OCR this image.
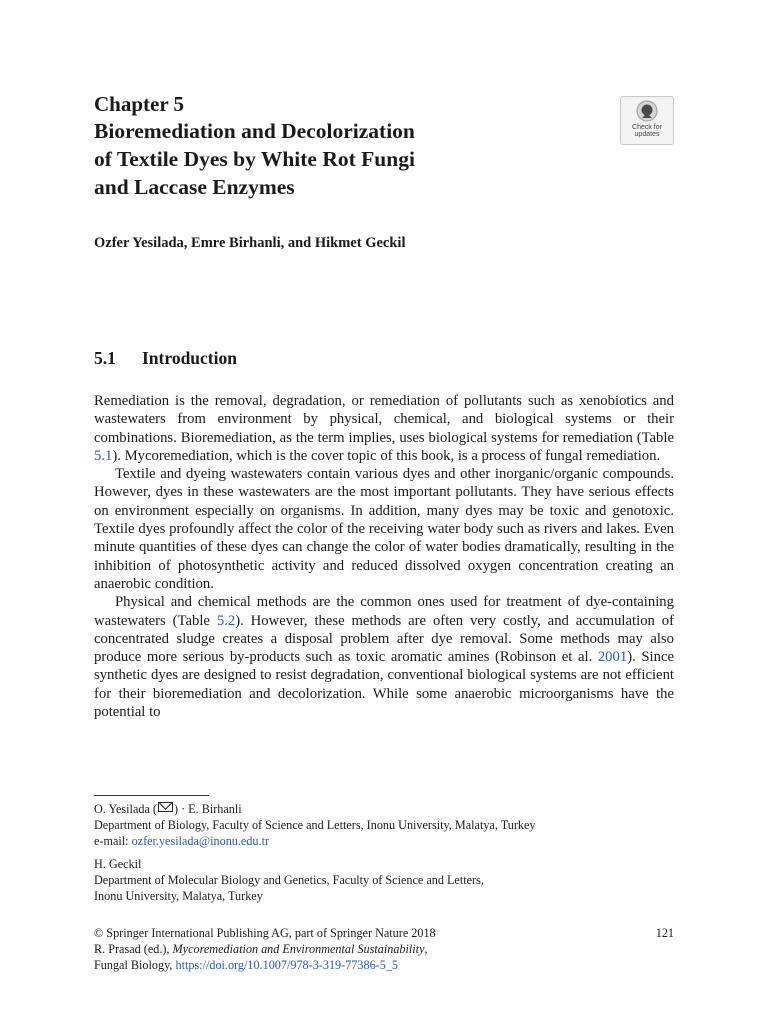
Chapter 5
Bioremediation and Decolorization
of Textile Dyes by White Rot Fungi
and Laccase Enzymes
Check for
updates
Ozfer Yesilada, Emre Birhanli, and Hikmet Geckil
5.1 Introduction

Remediation is the removal, degradation, or remediation of pollutants such as xenobiotics and wastewaters from environment by physical, chemical, and biological systems or their combinations. Bioremediation, as the term implies, uses biological systems for remediation (Table 5.1). Mycoremediation, which is the cover topic of this book, is a process of fungal remediation.

Textile and dyeing wastewaters contain various dyes and other inorganic/organic compounds. However, dyes in these wastewaters are the most important pollutants. They have serious effects on environment especially on organisms. In addition, many dyes may be toxic and genotoxic. Textile dyes profoundly affect the color of the receiving water body such as rivers and lakes. Even minute quantities of these dyes can change the color of water bodies dramatically, resulting in the inhibition of photosynthetic activity and reduced dissolved oxygen concentration creating an anaerobic condition.

Physical and chemical methods are the common ones used for treatment of dye-containing wastewaters (Table 5.2). However, these methods are often very costly, and accumulation of concentrated sludge creates a disposal problem after dye removal. Some methods may also produce more serious by-products such as toxic aromatic amines (Robinson et al. 2001). Since synthetic dyes are designed to resist degradation, conventional biological systems are not efficient for their bioremediation and decolorization. While some anaerobic microorganisms have the potential to

O. Yesilada ( ) · E. Birhanli
Department of Biology, Faculty of Science and Letters, Inonu University, Malatya, Turkey
e-mail: ozfer.yesilada@inonu.edu.tr
H. Geckil
Department of Molecular Biology and Genetics, Faculty of Science and Letters,
Inonu University, Malatya, Turkey
© Springer International Publishing AG, part of Springer Nature 2018	121
R. Prasad (ed.), Mycoremediation and Environmental Sustainability,
Fungal Biology, https://doi.org/10.1007/978-3-319-77386-5_5
